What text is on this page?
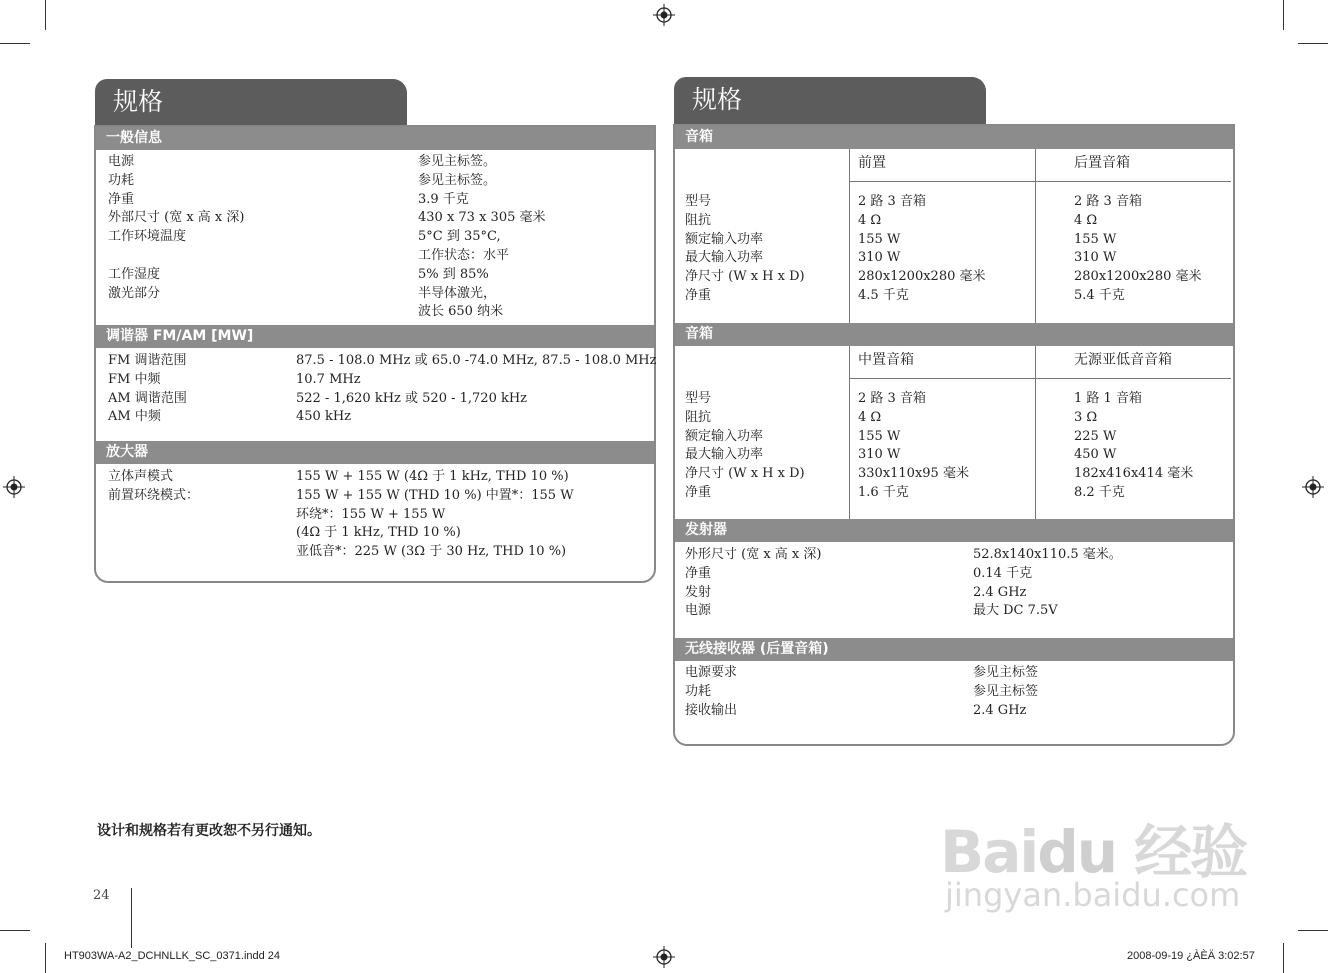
规格
一般信息
电源	参见主标签。
功耗	参见主标签。
净重	3.9 千克
外部尺寸 (宽 x 高 x 深)	430 x 73 x 305 毫米
工作环境温度	5°C 到 35°C,
工作状态：水平
工作湿度	5% 到 85%
激光部分	半导体激光，
波长 650 纳米
调谐器 FM/AM [MW]
FM 调谐范围	87.5 - 108.0 MHz 或 65.0 -74.0 MHz, 87.5 - 108.0 MHz
FM 中频	10.7 MHz
AM 调谐范围	522 - 1,620 kHz 或 520 - 1,720 kHz
AM 中频	450 kHz
放大器
立体声模式	155 W + 155 W (4Ω 于 1 kHz, THD 10 %)
前置环绕模式：	155 W + 155 W (THD 10 %) 中置*：155 W
环绕*：155 W + 155 W
(4Ω 于 1 kHz, THD 10 %)
亚低音*：225 W (3Ω 于 30 Hz, THD 10 %)
设计和规格若有更改恕不另行通知。
24
规格
音箱
前置	后置音箱
型号	2 路 3 音箱	2 路 3 音箱
阻抗	4 Ω	4 Ω
额定输入功率	155 W	155 W
最大输入功率	310 W	310 W
净尺寸 (W x H x D)	280x1200x280 毫米	280x1200x280 毫米
净重	4.5 千克	5.4 千克
音箱
中置音箱	无源亚低音音箱
型号	2 路 3 音箱	1 路 1 音箱
阻抗	4 Ω	3 Ω
额定输入功率	155 W	225 W
最大输入功率	310 W	450 W
净尺寸 (W x H x D)	330x110x95 毫米	182x416x414 毫米
净重	1.6 千克	8.2 千克
发射器
外形尺寸 (宽 x 高 x 深)	52.8x140x110.5 毫米。
净重	0.14 千克
发射	2.4 GHz
电源	最大 DC 7.5V
无线接收器 (后置音箱)
电源要求	参见主标签
功耗	参见主标签
接收输出	2.4 GHz
Baidu 经验
jingyan.baidu.com
HT903WA-A2_DCHNLLK_SC_0371.indd 24	2008-09-19 ¿ÀÈÄ 3:02:57
